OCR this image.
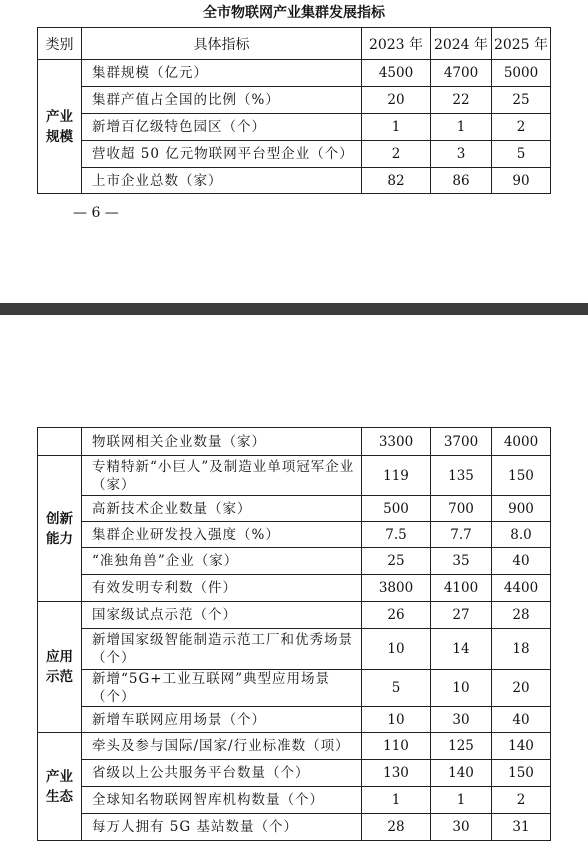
全市物联网产业集群发展指标
类别	具体指标	2023 年	2024 年	2025 年

产业
规模	集群规模（亿元）	4500	4700	5000
	集群产值占全国的比例（%）	20	22	25
	新增百亿级特色园区（个）	1	1	2
	营收超 50 亿元物联网平台型企业（个）	2	3	5
	上市企业总数（家）	82	86	90
— 6 —
	物联网相关企业数量（家）	3300	3700	4000

创新
能力	专精特新“小巨人”及制造业单项冠军企业（家）	119	135	150
	高新技术企业数量（家）	500	700	900
	集群企业研发投入强度（%）	7.5	7.7	8.0
	“准独角兽”企业（家）	25	35	40
	有效发明专利数（件）	3800	4100	4400

应用
示范	国家级试点示范（个）	26	27	28
	新增国家级智能制造示范工厂和优秀场景（个）	10	14	18
	新增“5G+工业互联网”典型应用场景（个）	5	10	20
	新增车联网应用场景（个）	10	30	40

产业
生态	牵头及参与国际/国家/行业标准数（项）	110	125	140
	省级以上公共服务平台数量（个）	130	140	150
	全球知名物联网智库机构数量（个）	1	1	2
	每万人拥有 5G 基站数量（个）	28	30	31
